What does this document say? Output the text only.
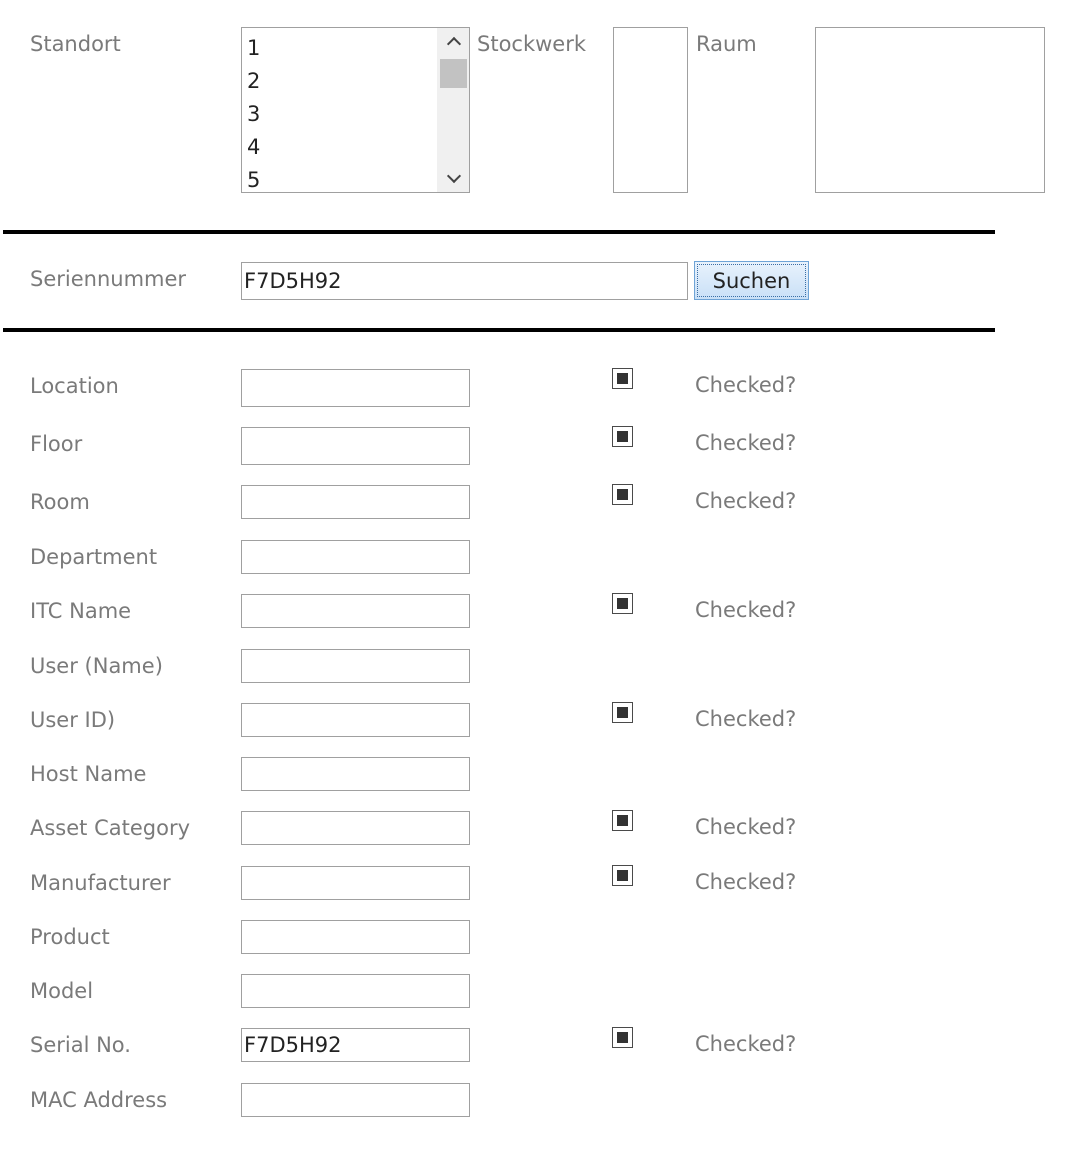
Standort	1
2
3
4
5
Stockwerk	Raum
Seriennummer	F7D5H92	Suchen
Location	Checked?
Floor	Checked?
Room	Checked?
Department
ITC Name	Checked?
User (Name)
User ID)	Checked?
Host Name
Asset Category	Checked?
Manufacturer	Checked?
Product
Model
Serial No.	F7D5H92	Checked?
MAC Address
